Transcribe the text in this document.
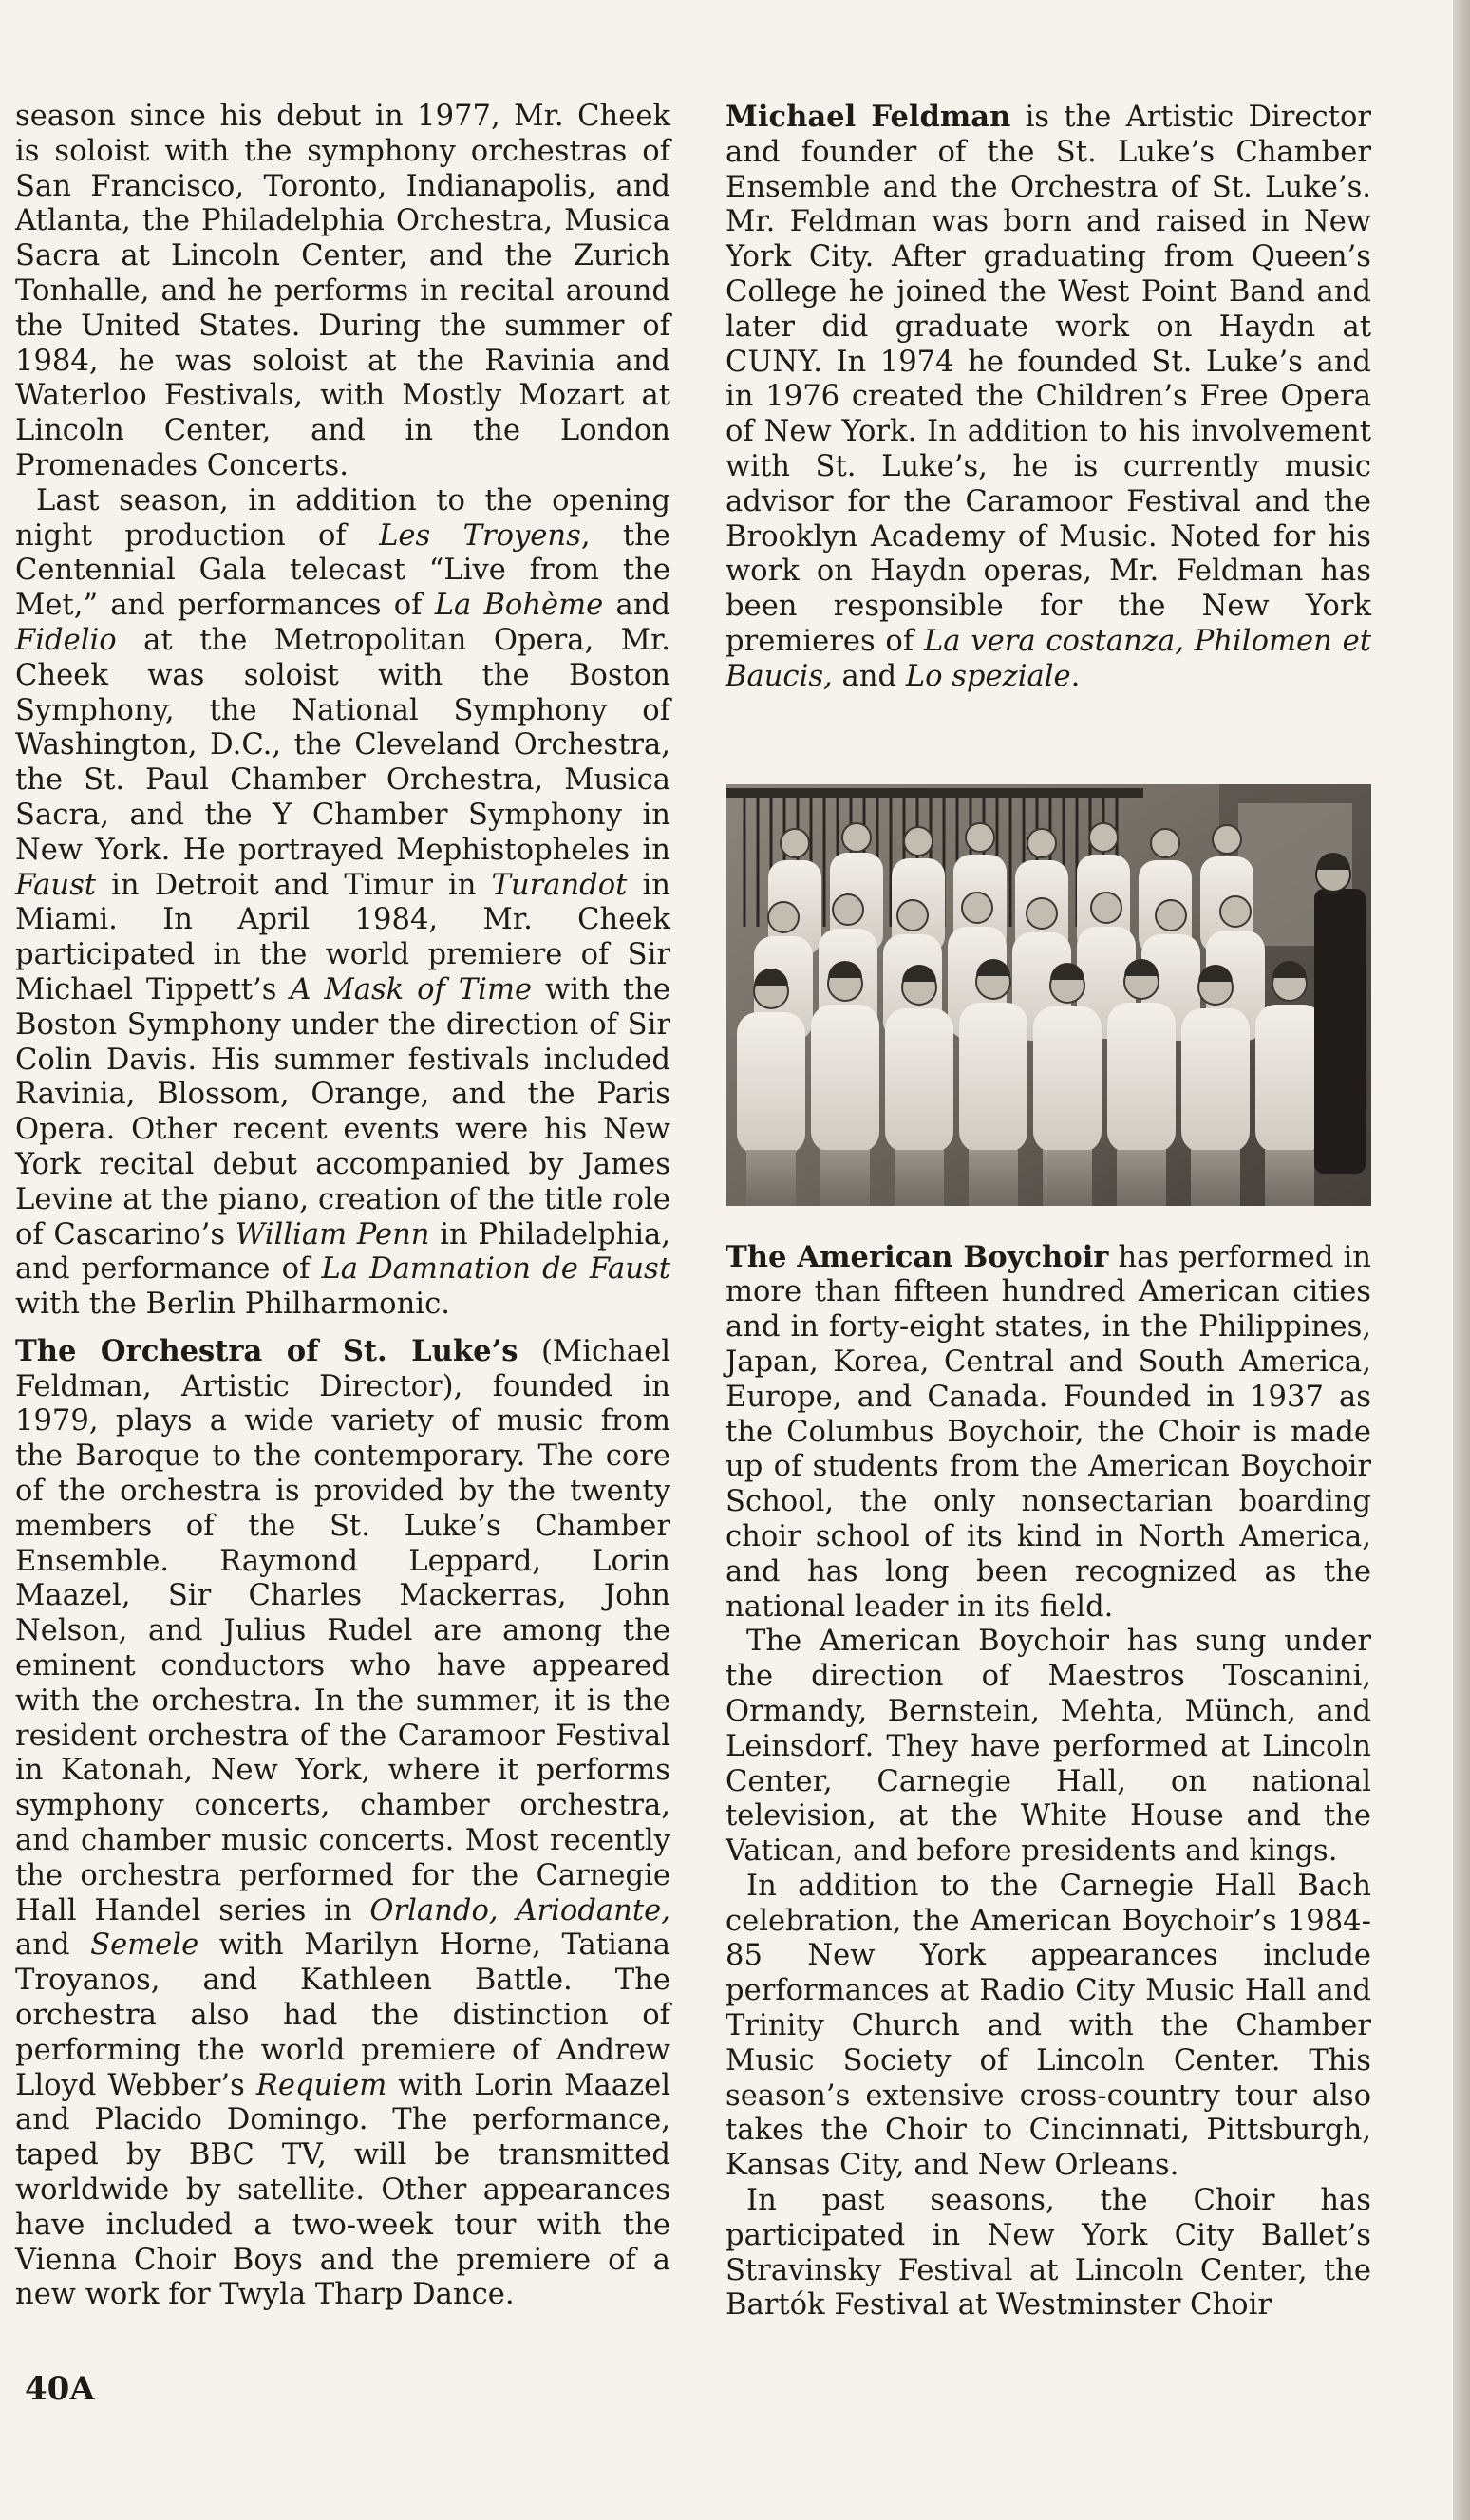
season since his debut in 1977, Mr. Cheek is soloist with the symphony orchestras of San Francisco, Toronto, Indianapolis, and Atlanta, the Philadelphia Orchestra, Musica Sacra at Lincoln Center, and the Zurich Tonhalle, and he performs in recital around the United States. During the summer of 1984, he was soloist at the Ravinia and Waterloo Festivals, with Mostly Mozart at Lincoln Center, and in the London Promenades Concerts.

Last season, in addition to the opening night production of Les Troyens, the Centennial Gala telecast “Live from the Met,” and performances of La Bohème and Fidelio at the Metropolitan Opera, Mr. Cheek was soloist with the Boston Symphony, the National Symphony of Washington, D.C., the Cleveland Orchestra, the St. Paul Chamber Orchestra, Musica Sacra, and the Y Chamber Symphony in New York. He portrayed Mephistopheles in Faust in Detroit and Timur in Turandot in Miami. In April 1984, Mr. Cheek participated in the world premiere of Sir Michael Tippett’s A Mask of Time with the Boston Symphony under the direction of Sir Colin Davis. His summer festivals included Ravinia, Blossom, Orange, and the Paris Opera. Other recent events were his New York recital debut accompanied by James Levine at the piano, creation of the title role of Cascarino’s William Penn in Philadelphia, and performance of La Damnation de Faust with the Berlin Philharmonic.

The Orchestra of St. Luke’s (Michael Feldman, Artistic Director), founded in 1979, plays a wide variety of music from the Baroque to the contemporary. The core of the orchestra is provided by the twenty members of the St. Luke’s Chamber Ensemble. Raymond Leppard, Lorin Maazel, Sir Charles Mackerras, John Nelson, and Julius Rudel are among the eminent conductors who have appeared with the orchestra. In the summer, it is the resident orchestra of the Caramoor Festival in Katonah, New York, where it performs symphony concerts, chamber orchestra, and chamber music concerts. Most recently the orchestra performed for the Carnegie Hall Handel series in Orlando, Ariodante, and Semele with Marilyn Horne, Tatiana Troyanos, and Kathleen Battle. The orchestra also had the distinction of performing the world premiere of Andrew Lloyd Webber’s Requiem with Lorin Maazel and Placido Domingo. The performance, taped by BBC TV, will be transmitted worldwide by satellite. Other appearances have included a two-week tour with the Vienna Choir Boys and the premiere of a new work for Twyla Tharp Dance.

Michael Feldman is the Artistic Director and founder of the St. Luke’s Chamber Ensemble and the Orchestra of St. Luke’s. Mr. Feldman was born and raised in New York City. After graduating from Queen’s College he joined the West Point Band and later did graduate work on Haydn at CUNY. In 1974 he founded St. Luke’s and in 1976 created the Children’s Free Opera of New York. In addition to his involvement with St. Luke’s, he is currently music advisor for the Caramoor Festival and the Brooklyn Academy of Music. Noted for his work on Haydn operas, Mr. Feldman has been responsible for the New York premieres of La vera costanza, Philomen et Baucis, and Lo speziale.

The American Boychoir has performed in more than fifteen hundred American cities and in forty-eight states, in the Philippines, Japan, Korea, Central and South America, Europe, and Canada. Founded in 1937 as the Columbus Boychoir, the Choir is made up of students from the American Boychoir School, the only nonsectarian boarding choir school of its kind in North America, and has long been recognized as the national leader in its field.

The American Boychoir has sung under the direction of Maestros Toscanini, Ormandy, Bernstein, Mehta, Münch, and Leinsdorf. They have performed at Lincoln Center, Carnegie Hall, on national television, at the White House and the Vatican, and before presidents and kings.

In addition to the Carnegie Hall Bach celebration, the American Boychoir’s 1984-85 New York appearances include performances at Radio City Music Hall and Trinity Church and with the Chamber Music Society of Lincoln Center. This season’s extensive cross-country tour also takes the Choir to Cincinnati, Pittsburgh, Kansas City, and New Orleans.

In past seasons, the Choir has participated in New York City Ballet’s Stravinsky Festival at Lincoln Center, the Bartók Festival at Westminster Choir

40A
